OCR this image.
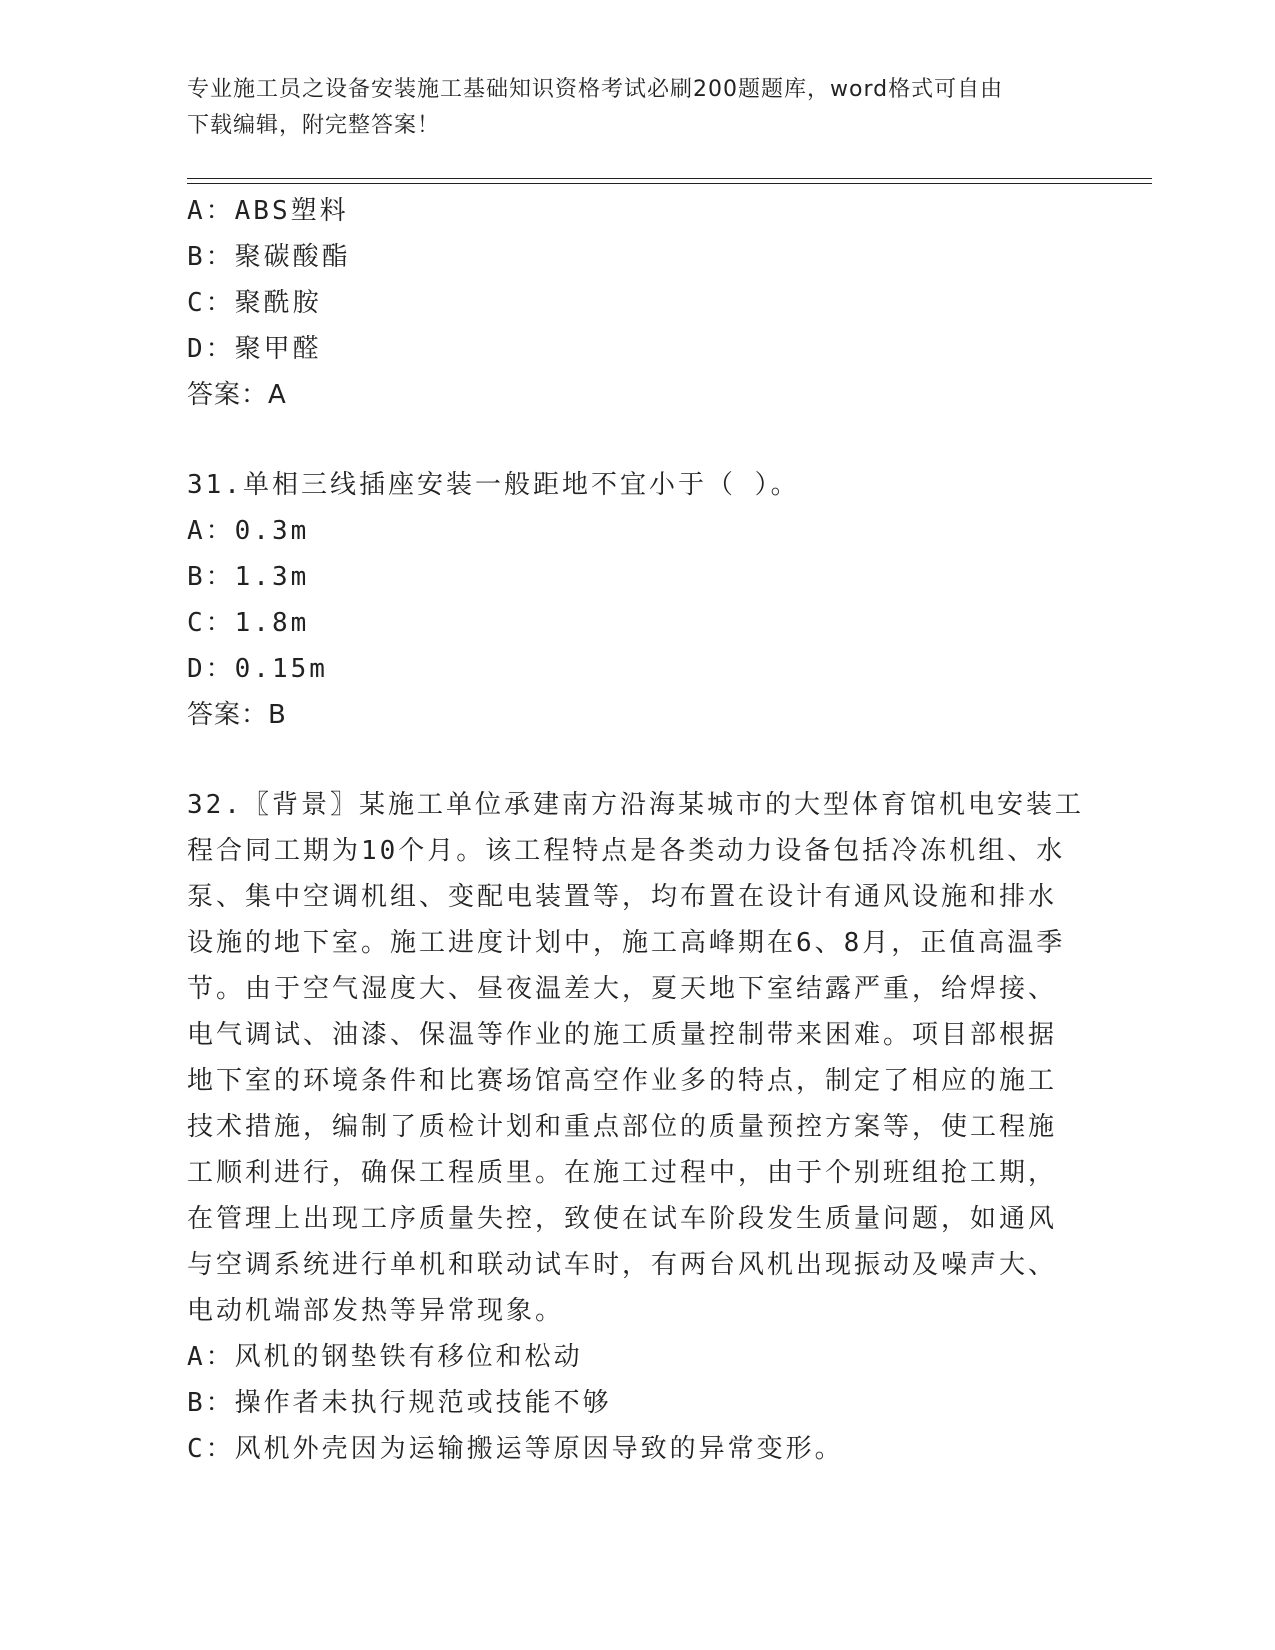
专业施工员之设备安装施工基础知识资格考试必刷200题题库，word格式可自由
下载编辑，附完整答案！
A：ABS塑料
B：聚碳酸酯
C：聚酰胺
D：聚甲醛
答案：A
31.单相三线插座安装一般距地不宜小于（ ）。
A：0.3m
B：1.3m
C：1.8m
D：0.15m
答案：B
32.〖背景〗某施工单位承建南方沿海某城市的大型体育馆机电安装工
程合同工期为10个月。该工程特点是各类动力设备包括冷冻机组、水
泵、集中空调机组、变配电装置等，均布置在设计有通风设施和排水
设施的地下室。施工进度计划中，施工高峰期在6、8月，正值高温季
节。由于空气湿度大、昼夜温差大，夏天地下室结露严重，给焊接、
电气调试、油漆、保温等作业的施工质量控制带来困难。项目部根据
地下室的环境条件和比赛场馆高空作业多的特点，制定了相应的施工
技术措施，编制了质检计划和重点部位的质量预控方案等，使工程施
工顺利进行，确保工程质里。在施工过程中，由于个别班组抢工期，
在管理上出现工序质量失控，致使在试车阶段发生质量问题，如通风
与空调系统进行单机和联动试车时，有两台风机出现振动及噪声大、
电动机端部发热等异常现象。
A：风机的钢垫铁有移位和松动
B：操作者未执行规范或技能不够
C：风机外壳因为运输搬运等原因导致的异常变形。
